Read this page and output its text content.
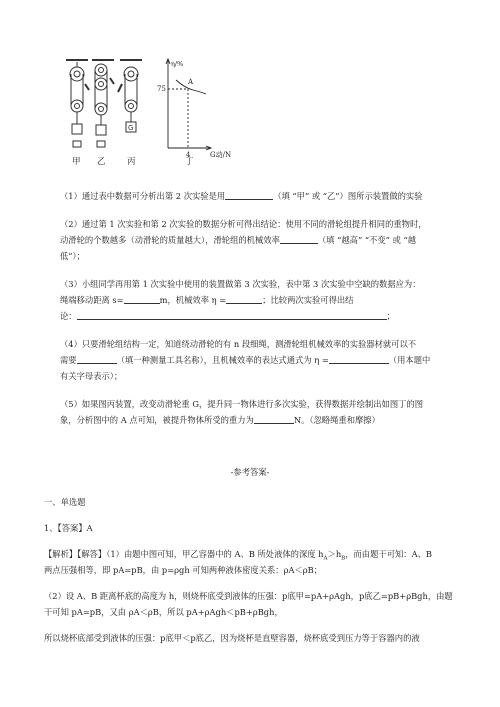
G
甲 乙	丙	丁
η/%
75
A
4	G动/N
（1）通过表中数据可分析出第 2 次实验是用	（填 “甲” 或 “乙”）图所示装置做的实验
（2）通过第 1 次实验和第 2 次实验的数据分析可得出结论：使用不同的滑轮组提升相同的重物时，
动滑轮的个数越多（动滑轮的质量越大），滑轮组的机械效率	（填 “越高” “不变” 或 “越
低”）；
（3）小组同学再用第 1 次实验中使用的装置做第 3 次实验，表中第 3 次实验中空缺的数据应为：
绳端移动距离 s=	m，机械效率 η =	；比较两次实验可得出结
论：	；
（4）只要滑轮组结构一定，知道绕动滑轮的有 n 段细绳，测滑轮组机械效率的实验器材就可以不
需要	（填一种测量工具名称），且机械效率的表达式通式为 η =	（用本题中
有关字母表示）；
（5）如果图丙装置，改变动滑轮重 G，提升同一物体进行多次实验，获得数据并绘制出如图丁的图
象，分析图中的 A 点可知，被提升物体所受的重力为	N。（忽略绳重和摩擦）
-参考答案-
一、单选题
1、【答案】A
【解析】【解答】（1）由题中图可知，甲乙容器中的 A、B 所处液体的深度 $h_A>h_B$，而由题干可知：A、B
两点压强相等，即 pA=pB，由 p=ρgh 可知两种液体密度关系：ρA＜ρB；
（2）设 A、B 距离杯底的高度为 h，则烧杯底受到液体的压强：p底甲=pA+ρAgh，p底乙=pB+ρBgh，由题
干可知 pA=pB，又由 ρA＜ρB，所以 pA+ρAgh＜pB+ρBgh，
所以烧杯底部受到液体的压强：p底甲＜p底乙，因为烧杯是直壁容器，烧杯底受到压力等于容器内的液
